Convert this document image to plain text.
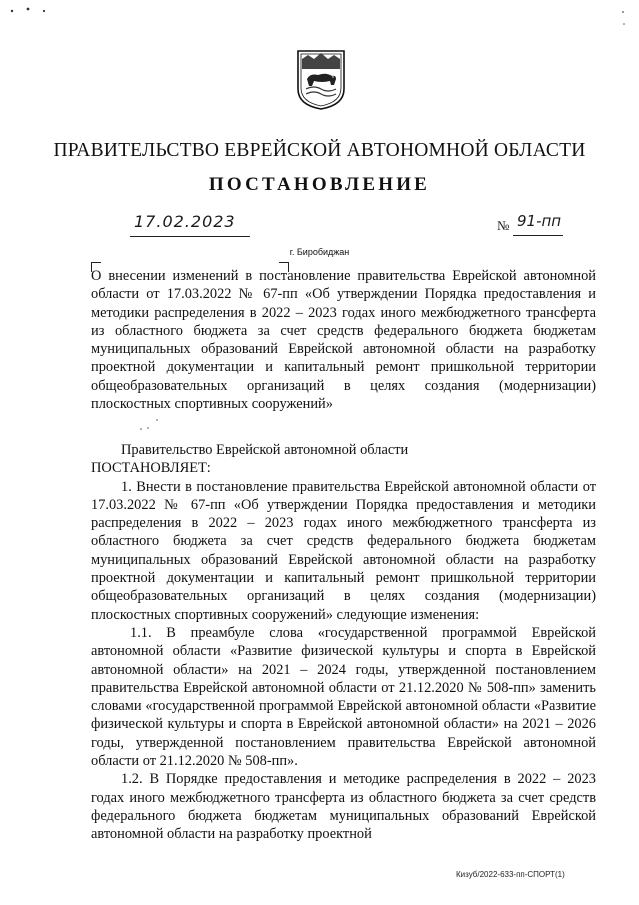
ПРАВИТЕЛЬСТВО ЕВРЕЙСКОЙ АВТОНОМНОЙ ОБЛАСТИ
ПОСТАНОВЛЕНИЕ
17.02.2023	№ 91-пп
г. Биробиджан
О внесении изменений в постановление правительства Еврейской автономной области от 17.03.2022 № 67-пп «Об утверждении Порядка предоставления и методики распределения в 2022 – 2023 годах иного межбюджетного трансферта из областного бюджета за счет средств федерального бюджета бюджетам муниципальных образований Еврейской автономной области на разработку проектной документации и капитальный ремонт пришкольной территории общеобразовательных организаций в целях создания (модернизации) плоскостных спортивных сооружений»

Правительство Еврейской автономной области

ПОСТАНОВЛЯЕТ:

1. Внести в постановление правительства Еврейской автономной области от 17.03.2022 № 67-пп «Об утверждении Порядка предоставления и методики распределения в 2022 – 2023 годах иного межбюджетного трансферта из областного бюджета за счет средств федерального бюджета бюджетам муниципальных образований Еврейской автономной области на разработку проектной документации и капитальный ремонт пришкольной территории общеобразовательных организаций в целях создания (модернизации) плоскостных спортивных сооружений» следующие изменения:

1.1. В преамбуле слова «государственной программой Еврейской автономной области «Развитие физической культуры и спорта в Еврейской автономной области» на 2021 – 2024 годы, утвержденной постановлением правительства Еврейской автономной области от 21.12.2020 № 508-пп» заменить словами «государственной программой Еврейской автономной области «Развитие физической культуры и спорта в Еврейской автономной области» на 2021 – 2026 годы, утвержденной постановлением правительства Еврейской автономной области от 21.12.2020 № 508-пп».

1.2. В Порядке предоставления и методике распределения в 2022 – 2023 годах иного межбюджетного трансферта из областного бюджета за счет средств федерального бюджета бюджетам муниципальных образований Еврейской автономной области на разработку проектной

Кизуб/2022-633-пп-СПОРТ(1)
